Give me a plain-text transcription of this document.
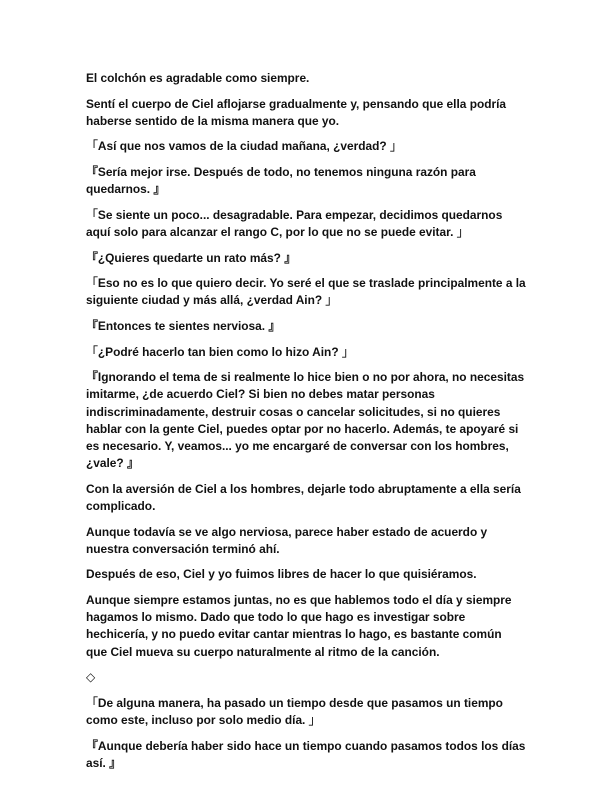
El colchón es agradable como siempre.

Sentí el cuerpo de Ciel aflojarse gradualmente y, pensando que ella podría haberse sentido de la misma manera que yo.

「Así que nos vamos de la ciudad mañana, ¿verdad? 」

『Sería mejor irse. Después de todo, no tenemos ninguna razón para quedarnos. 』

「Se siente un poco... desagradable. Para empezar, decidimos quedarnos aquí solo para alcanzar el rango C, por lo que no se puede evitar. 」

『¿Quieres quedarte un rato más? 』

「Eso no es lo que quiero decir. Yo seré el que se traslade principalmente a la siguiente ciudad y más allá, ¿verdad Ain? 」

『Entonces te sientes nerviosa. 』

「¿Podré hacerlo tan bien como lo hizo Ain? 」

『Ignorando el tema de si realmente lo hice bien o no por ahora, no necesitas imitarme, ¿de acuerdo Ciel? Si bien no debes matar personas indiscriminadamente, destruir cosas o cancelar solicitudes, si no quieres hablar con la gente Ciel, puedes optar por no hacerlo. Además, te apoyaré si es necesario. Y, veamos... yo me encargaré de conversar con los hombres, ¿vale? 』

Con la aversión de Ciel a los hombres, dejarle todo abruptamente a ella sería complicado.

Aunque todavía se ve algo nerviosa, parece haber estado de acuerdo y nuestra conversación terminó ahí.

Después de eso, Ciel y yo fuimos libres de hacer lo que quisiéramos.

Aunque siempre estamos juntas, no es que hablemos todo el día y siempre hagamos lo mismo. Dado que todo lo que hago es investigar sobre hechicería, y no puedo evitar cantar mientras lo hago, es bastante común que Ciel mueva su cuerpo naturalmente al ritmo de la canción.

◇

「De alguna manera, ha pasado un tiempo desde que pasamos un tiempo como este, incluso por solo medio día. 」

『Aunque debería haber sido hace un tiempo cuando pasamos todos los días así. 』
